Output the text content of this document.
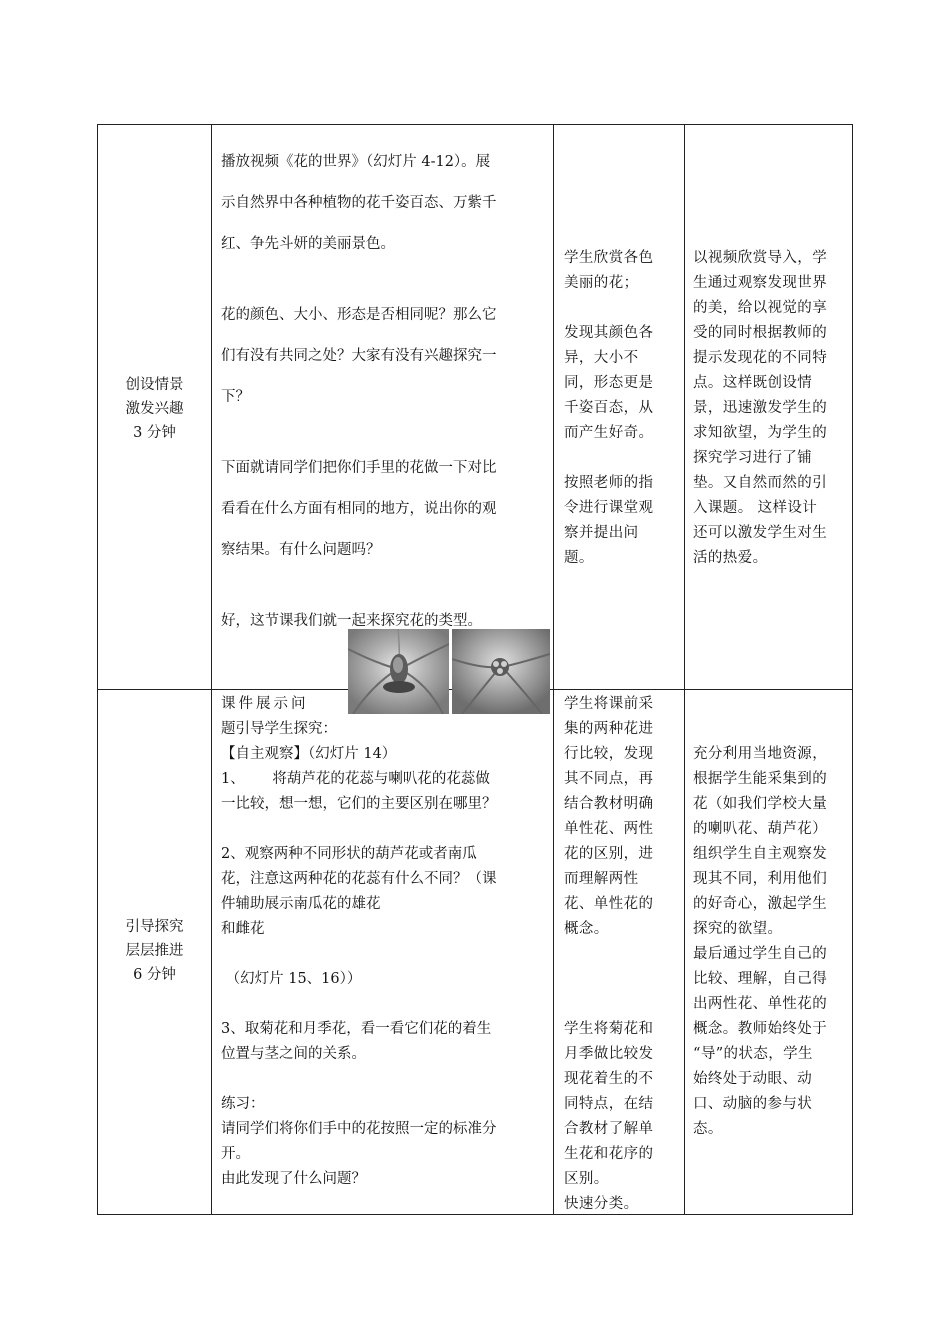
创设情景
激发兴趣
3 分钟

播放视频《花的世界》（幻灯片 4-12）。展

示自然界中各种植物的花千姿百态、万紫千

红、争先斗妍的美丽景色。

花的颜色、大小、形态是否相同呢？那么它

们有没有共同之处？大家有没有兴趣探究一

下？

下面就请同学们把你们手里的花做一下对比

看看在什么方面有相同的地方，说出你的观

察结果。有什么问题吗？

好，这节课我们就一起来探究花的类型。

学生欣赏各色

美丽的花；

发现其颜色各

异，大小不

同，形态更是

千姿百态，从

而产生好奇。

按照老师的指

令进行课堂观

察并提出问

题。

以视频欣赏导入，学

生通过观察发现世界

的美，给以视觉的享

受的同时根据教师的

提示发现花的不同特

点。这样既创设情

景，迅速激发学生的

求知欲望，为学生的

探究学习进行了铺

垫。又自然而然的引

入课题。 这样设计

还可以激发学生对生

活的热爱。

引导探究
层层推进
6 分钟

课件展示问

题引导学生探究：

【自主观察】（幻灯片 14）

1、      将葫芦花的花蕊与喇叭花的花蕊做

一比较，想一想，它们的主要区别在哪里？

2、观察两种不同形状的葫芦花或者南瓜

花，注意这两种花的花蕊有什么不同？（课

件辅助展示南瓜花的雄花

和雌花

（幻灯片 15、16））

3、取菊花和月季花，看一看它们花的着生

位置与茎之间的关系。

练习：

请同学们将你们手中的花按照一定的标准分

开。

由此发现了什么问题？

学生将课前采

集的两种花进

行比较，发现

其不同点，再

结合教材明确

单性花、两性

花的区别，进

而理解两性

花、单性花的

概念。

学生将菊花和

月季做比较发

现花着生的不

同特点，在结

合教材了解单

生花和花序的

区别。

快速分类。

充分利用当地资源，

根据学生能采集到的

花（如我们学校大量

的喇叭花、葫芦花）

组织学生自主观察发

现其不同，利用他们

的好奇心，激起学生

探究的欲望。

最后通过学生自己的

比较、理解，自己得

出两性花、单性花的

概念。教师始终处于

“导”的状态，学生

始终处于动眼、动

口、动脑的参与状

态。
